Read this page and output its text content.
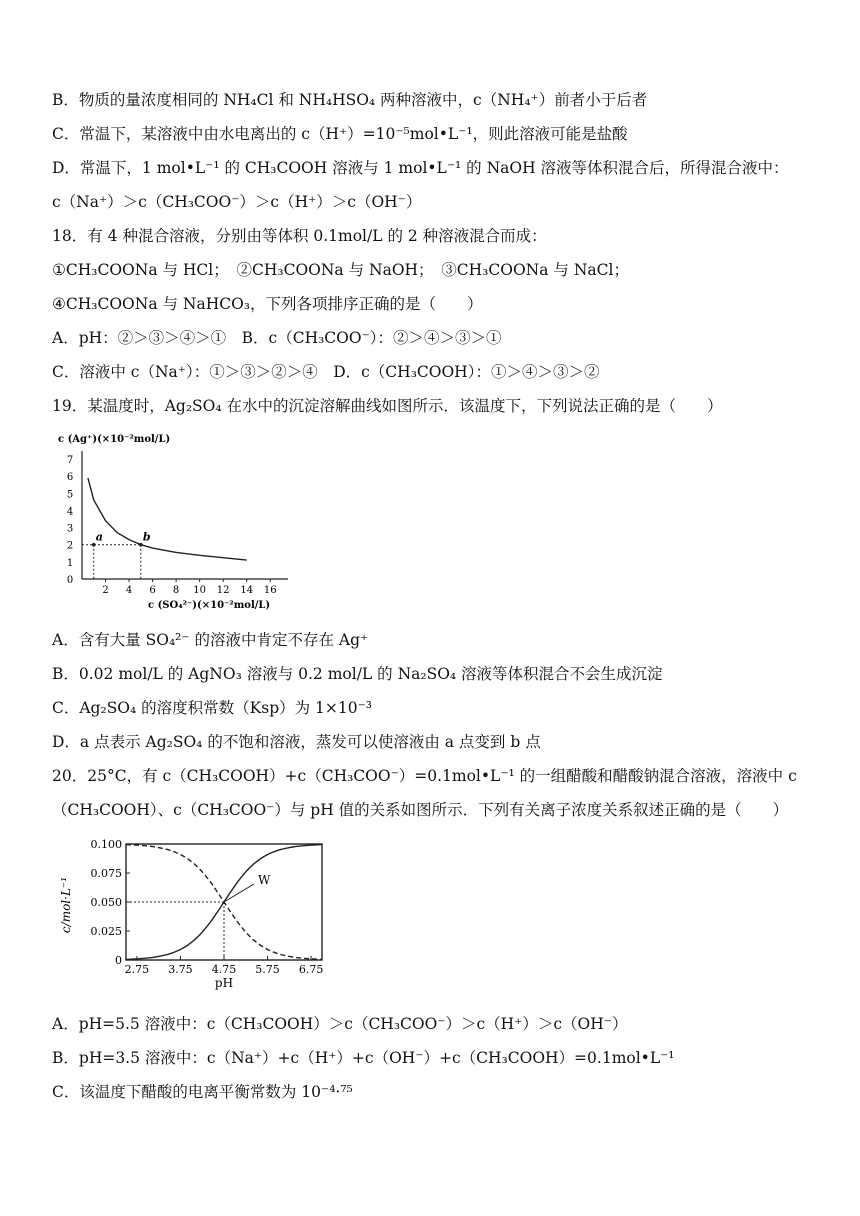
B．物质的量浓度相同的 NH₄Cl 和 NH₄HSO₄ 两种溶液中，c（NH₄⁺）前者小于后者
C．常温下，某溶液中由水电离出的 c（H⁺）=10⁻⁵mol•L⁻¹，则此溶液可能是盐酸
D．常温下，1 mol•L⁻¹ 的 CH₃COOH 溶液与 1 mol•L⁻¹ 的 NaOH 溶液等体积混合后，所得混合液中：
c（Na⁺）＞c（CH₃COO⁻）＞c（H⁺）＞c（OH⁻）
18．有 4 种混合溶液，分别由等体积 0.1mol/L 的 2 种溶液混合而成：
①CH₃COONa 与 HCl；　②CH₃COONa 与 NaOH；　③CH₃COONa 与 NaCl；
④CH₃COONa 与 NaHCO₃，下列各项排序正确的是（　　）
A．pH：②＞③＞④＞①　B．c（CH₃COO⁻）：②＞④＞③＞①
C．溶液中 c（Na⁺）：①＞③＞②＞④　D．c（CH₃COOH）：①＞④＞③＞②
19．某温度时，Ag₂SO₄ 在水中的沉淀溶解曲线如图所示．该温度下，下列说法正确的是（　　）
c (Ag⁺)(×10⁻²mol/L)
0
1
2
3
4
5
6
7
2 4 6 8 10 12 14 16
c (SO₄²⁻)(×10⁻²mol/L)
a	b
A．含有大量 SO₄²⁻ 的溶液中肯定不存在 Ag⁺
B．0.02 mol/L 的 AgNO₃ 溶液与 0.2 mol/L 的 Na₂SO₄ 溶液等体积混合不会生成沉淀
C．Ag₂SO₄ 的溶度积常数（Ksp）为 1×10⁻³
D．a 点表示 Ag₂SO₄ 的不饱和溶液，蒸发可以使溶液由 a 点变到 b 点
20．25°C，有 c（CH₃COOH）+c（CH₃COO⁻）=0.1mol•L⁻¹ 的一组醋酸和醋酸钠混合溶液，溶液中 c（CH₃COOH）、c（CH₃COO⁻）与 pH 值的关系如图所示．下列有关离子浓度关系叙述正确的是（　　）
0
0.025
0.050
0.075
0.100
2.75 3.75 4.75 5.75 6.75
pH
c/mol·L⁻¹	W
A．pH=5.5 溶液中：c（CH₃COOH）＞c（CH₃COO⁻）＞c（H⁺）＞c（OH⁻）
B．pH=3.5 溶液中：c（Na⁺）+c（H⁺）+c（OH⁻）+c（CH₃COOH）=0.1mol•L⁻¹
C．该温度下醋酸的电离平衡常数为 10⁻⁴·⁷⁵
